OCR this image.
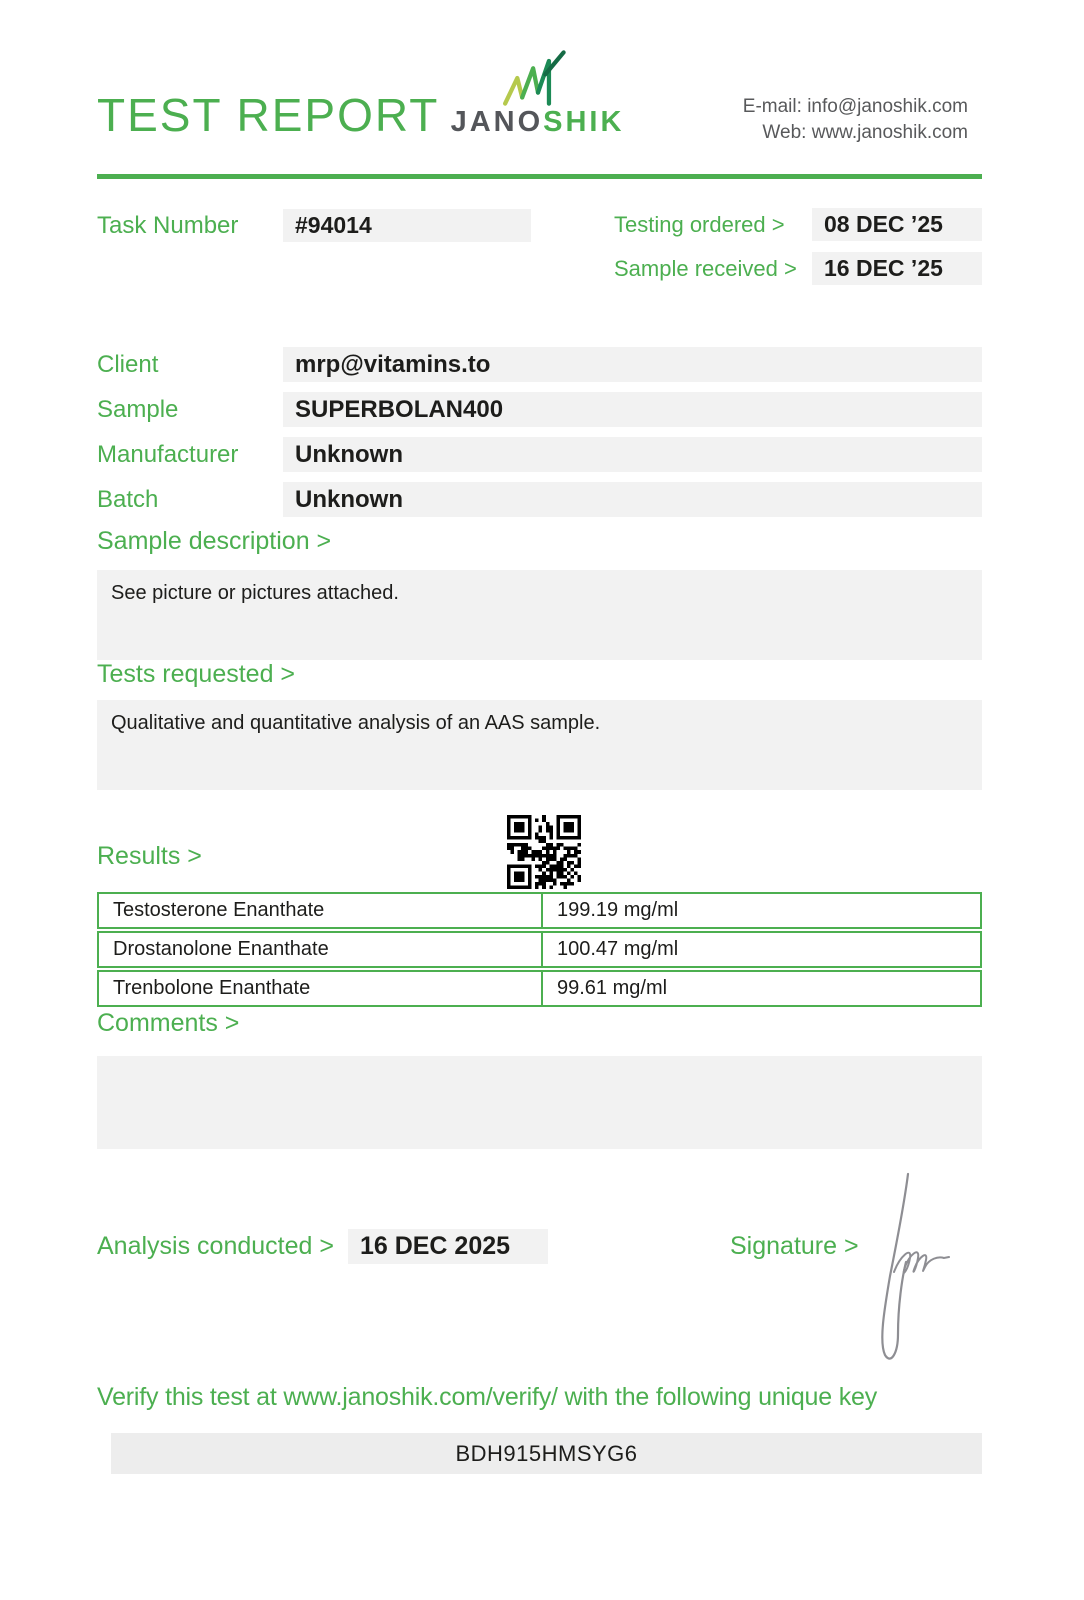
TEST REPORT JANOSHIK	E-mail: info@janoshik.com
Web: www.janoshik.com
Task Number	#94014	Testing ordered >	08 DEC ’25
Sample received >	16 DEC ’25
Client	mrp@vitamins.to
Sample	SUPERBOLAN400
Manufacturer	Unknown
Batch	Unknown
Sample description >
See picture or pictures attached.
Tests requested >
Qualitative and quantitative analysis of an AAS sample.
Results >
Testosterone Enanthate	199.19 mg/ml
Drostanolone Enanthate	100.47 mg/ml
Trenbolone Enanthate	99.61 mg/ml
Comments >
Analysis conducted >	16 DEC 2025	Signature >
Verify this test at www.janoshik.com/verify/ with the following unique key
BDH915HMSYG6
